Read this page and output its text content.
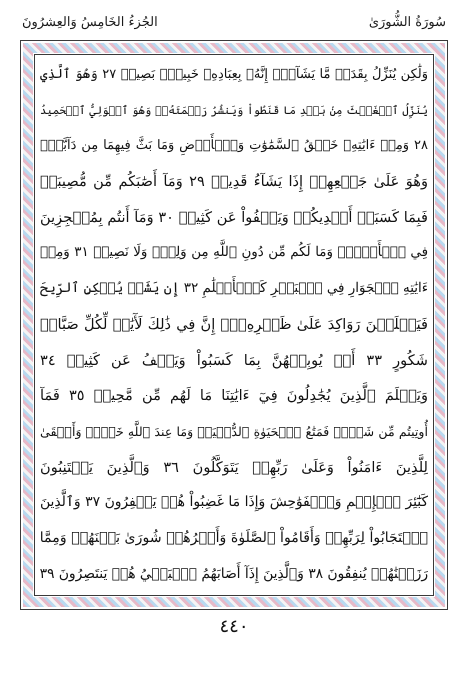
سُورَةُ الشُّورَىٰ
الجُزءُ الخَامِسُ وَالعِشرُونَ
وَلَٰكِن يُنَزِّلُ بِقَدَرٖ مَّا يَشَآءُۚ إِنَّهُۥ بِعِبَادِهِۦ خَبِيرُۢ بَصِيرٞ ٢٧ وَهُوَ ٱلَّذِي
يُنَزِّلُ ٱلۡغَيۡثَ مِنۢ بَعۡدِ مَا قَنَطُواْ وَيَنشُرُ رَحۡمَتَهُۥۚ وَهُوَ ٱلۡوَلِيُّ ٱلۡحَمِيدُ
٢٨ وَمِنۡ ءَايَٰتِهِۦ خَلۡقُ ٱلسَّمَٰوَٰتِ وَٱلۡأَرۡضِ وَمَا بَثَّ فِيهِمَا مِن دَآبَّةٖۚ
وَهُوَ عَلَىٰ جَمۡعِهِمۡ إِذَا يَشَآءُ قَدِيرٞ ٢٩ وَمَآ أَصَٰبَكُم مِّن مُّصِيبَةٖ
فَبِمَا كَسَبَتۡ أَيۡدِيكُمۡ وَيَعۡفُواْ عَن كَثِيرٖ ٣٠ وَمَآ أَنتُم بِمُعۡجِزِينَ
فِي ٱلۡأَرۡضِۖ وَمَا لَكُم مِّن دُونِ ٱللَّهِ مِن وَلِيّٖ وَلَا نَصِيرٖ ٣١ وَمِنۡ
ءَايَٰتِهِ ٱلۡجَوَارِ فِي ٱلۡبَحۡرِ كَٱلۡأَعۡلَٰمِ ٣٢ إِن يَشَأۡ يُسۡكِنِ ٱلرِّيحَ
فَيَظۡلَلۡنَ رَوَاكِدَ عَلَىٰ ظَهۡرِهِۦٓۚ إِنَّ فِي ذَٰلِكَ لَأٓيَٰتٖ لِّكُلِّ صَبَّارٖ
شَكُورٍ ٣٣ أَوۡ يُوبِقۡهُنَّ بِمَا كَسَبُواْ وَيَعۡفُ عَن كَثِيرٖ ٣٤
وَيَعۡلَمَ ٱلَّذِينَ يُجَٰدِلُونَ فِيٓ ءَايَٰتِنَا مَا لَهُم مِّن مَّحِيصٖ ٣٥ فَمَآ
أُوتِيتُم مِّن شَيۡءٖ فَمَتَٰعُ ٱلۡحَيَوٰةِ ٱلدُّنۡيَاۖ وَمَا عِندَ ٱللَّهِ خَيۡرٞ وَأَبۡقَىٰ
لِلَّذِينَ ءَامَنُواْ وَعَلَىٰ رَبِّهِمۡ يَتَوَكَّلُونَ ٣٦ وَٱلَّذِينَ يَجۡتَنِبُونَ
كَبَٰٓئِرَ ٱلۡإِثۡمِ وَٱلۡفَوَٰحِشَ وَإِذَا مَا غَضِبُواْ هُمۡ يَغۡفِرُونَ ٣٧ وَٱلَّذِينَ
ٱسۡتَجَابُواْ لِرَبِّهِمۡ وَأَقَامُواْ ٱلصَّلَوٰةَ وَأَمۡرُهُمۡ شُورَىٰ بَيۡنَهُمۡ وَمِمَّا
رَزَقۡنَٰهُمۡ يُنفِقُونَ ٣٨ وَٱلَّذِينَ إِذَآ أَصَابَهُمُ ٱلۡبَغۡيُ هُمۡ يَنتَصِرُونَ ٣٩
٤٤٠
